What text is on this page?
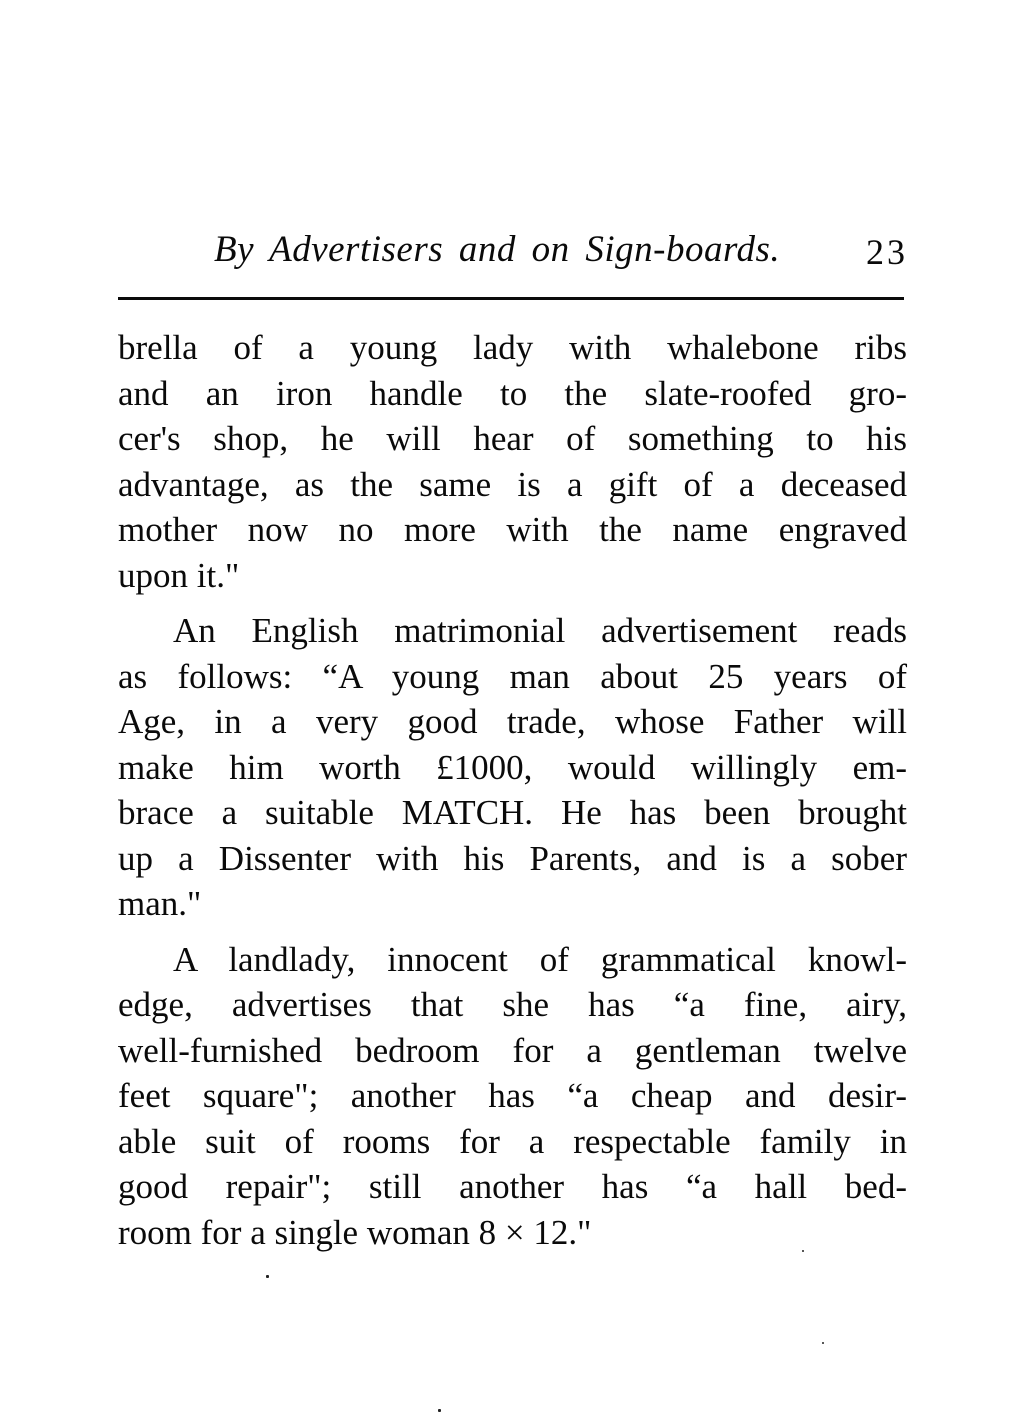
By Advertisers and on Sign-boards. 23
brella of a young lady with whalebone ribs
and an iron handle to the slate-roofed gro-
cer's shop, he will hear of something to his
advantage, as the same is a gift of a deceased
mother now no more with the name engraved
upon it."
An English matrimonial advertisement reads
as follows: “A young man about 25 years of
Age, in a very good trade, whose Father will
make him worth £1000, would willingly em-
brace a suitable MATCH. He has been brought
up a Dissenter with his Parents, and is a sober
man."
A landlady, innocent of grammatical knowl-
edge, advertises that she has “a fine, airy,
well-furnished bedroom for a gentleman twelve
feet square"; another has “a cheap and desir-
able suit of rooms for a respectable family in
good repair"; still another has “a hall bed-
room for a single woman 8 × 12."
